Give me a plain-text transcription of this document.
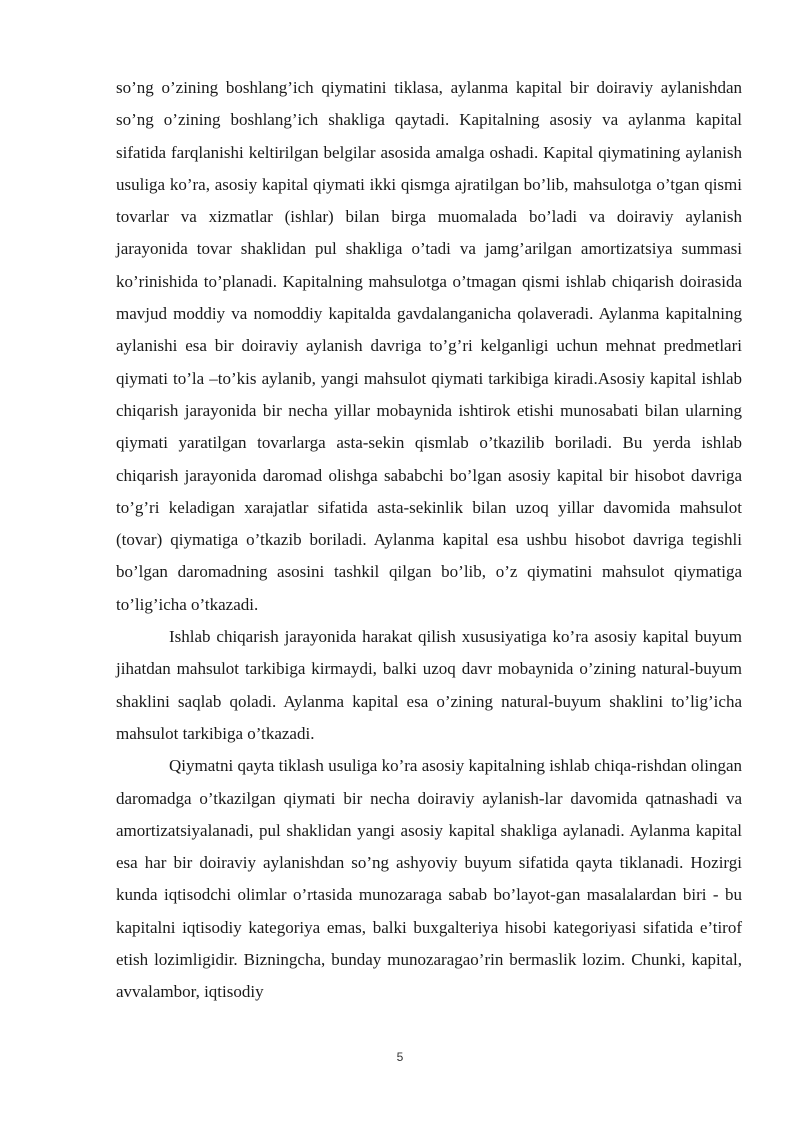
so’ng o’zining boshlang’ich qiymatini tiklasa, aylanma kapital bir doiraviy aylanishdan so’ng o’zining boshlang’ich shakliga qaytadi. Kapitalning asosiy va aylanma kapital sifatida farqlanishi keltirilgan belgilar asosida amalga oshadi. Kapital qiymatining aylanish usuliga ko’ra, asosiy kapital qiymati ikki qismga ajratilgan bo’lib, mahsulotga o’tgan qismi tovarlar va xizmatlar (ishlar) bilan birga muomalada bo’ladi va doiraviy aylanish jarayonida tovar shaklidan pul shakliga o’tadi va jamg’arilgan amortizatsiya summasi ko’rinishida to’planadi. Kapitalning mahsulotga o’tmagan qismi ishlab chiqarish doirasida mavjud moddiy va nomoddiy kapitalda gavdalanganicha qolaveradi. Aylanma kapitalning aylanishi esa bir doiraviy aylanish davriga to’g’ri kelganligi uchun mehnat predmetlari qiymati to’la –to’kis aylanib, yangi mahsulot qiymati tarkibiga kiradi.Asosiy kapital ishlab chiqarish jarayonida bir necha yillar mobaynida ishtirok etishi munosabati bilan ularning qiymati yaratilgan tovarlarga asta-sekin qismlab o’tkazilib boriladi. Bu yerda ishlab chiqarish jarayonida daromad olishga sababchi bo’lgan asosiy kapital bir hisobot davriga to’g’ri keladigan xarajatlar sifatida asta-sekinlik bilan uzoq yillar davomida mahsulot (tovar) qiymatiga o’tkazib boriladi. Aylanma kapital esa ushbu hisobot davriga tegishli bo’lgan daromadning asosini tashkil qilgan bo’lib, o’z qiymatini mahsulot qiymatiga to’lig’icha o’tkazadi.

Ishlab chiqarish jarayonida harakat qilish xususiyatiga ko’ra asosiy kapital buyum jihatdan mahsulot tarkibiga kirmaydi, balki uzoq davr mobaynida o’zining natural-buyum shaklini saqlab qoladi. Aylanma kapital esa o’zining natural-buyum shaklini to’lig’icha mahsulot tarkibiga o’tkazadi.

Qiymatni qayta tiklash usuliga ko’ra asosiy kapitalning ishlab chiqa-rishdan olingan daromadga o’tkazilgan qiymati bir necha doiraviy aylanish-lar davomida qatnashadi va amortizatsiyalanadi, pul shaklidan yangi asosiy kapital shakliga aylanadi. Aylanma kapital esa har bir doiraviy aylanishdan so’ng ashyoviy buyum sifatida qayta tiklanadi. Hozirgi kunda iqtisodchi olimlar o’rtasida munozaraga sabab bo’layot-gan masalalardan biri - bu kapitalni iqtisodiy kategoriya emas, balki buxgalteriya hisobi kategoriyasi sifatida e’tirof etish lozimligidir. Bizningcha, bunday munozaragao’rin bermaslik lozim. Chunki, kapital, avvalambor, iqtisodiy

5
